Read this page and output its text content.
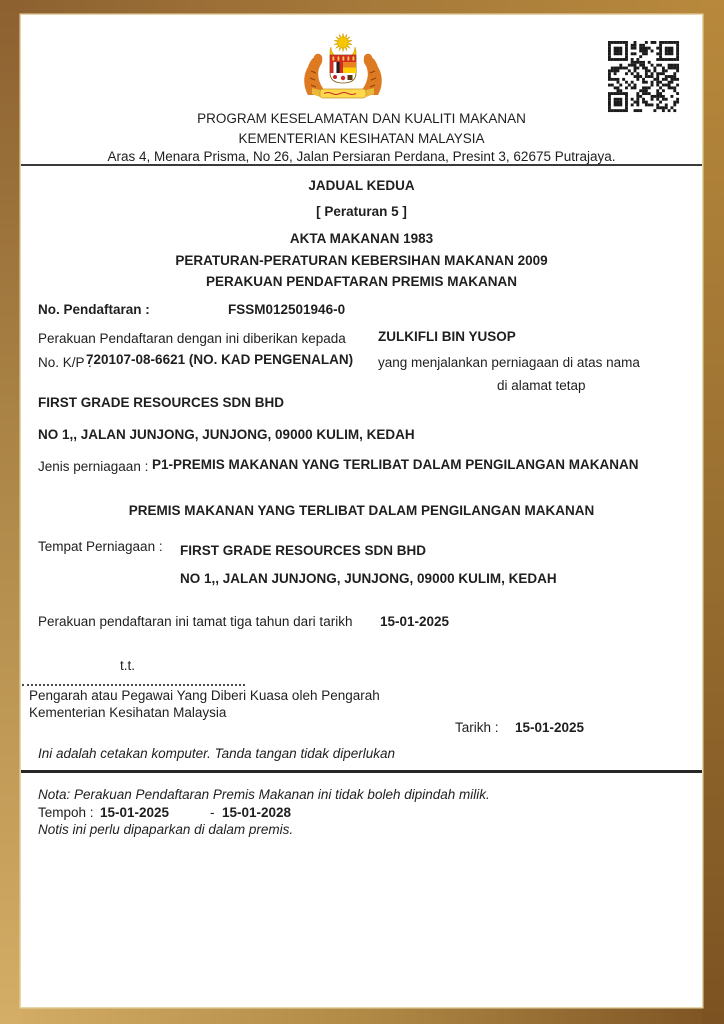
PROGRAM KESELAMATAN DAN KUALITI MAKANAN
KEMENTERIAN KESIHATAN MALAYSIA
Aras 4, Menara Prisma, No 26, Jalan Persiaran Perdana, Presint 3, 62675 Putrajaya.
JADUAL KEDUA
[ Peraturan 5 ]
AKTA MAKANAN 1983
PERATURAN-PERATURAN KEBERSIHAN MAKANAN 2009
PERAKUAN PENDAFTARAN PREMIS MAKANAN
No. Pendaftaran :	FSSM012501946-0
Perakuan Pendaftaran dengan ini diberikan kepada ZULKIFLI BIN YUSOP
No. K/P :
720107-08-6621 (NO. KAD PENGENALAN) yang menjalankan perniagaan di atas nama
di alamat tetap
FIRST GRADE RESOURCES SDN BHD
NO 1,, JALAN JUNJONG, JUNJONG, 09000 KULIM, KEDAH
Jenis perniagaan : P1-PREMIS MAKANAN YANG TERLIBAT DALAM PENGILANGAN MAKANAN
PREMIS MAKANAN YANG TERLIBAT DALAM PENGILANGAN MAKANAN
Tempat Perniagaan : FIRST GRADE RESOURCES SDN BHD
NO 1,, JALAN JUNJONG, JUNJONG, 09000 KULIM, KEDAH
Perakuan pendaftaran ini tamat tiga tahun dari tarikh 15-01-2025
t.t.
Pengarah atau Pegawai Yang Diberi Kuasa oleh Pengarah
Kementerian Kesihatan Malaysia
Tarikh : 15-01-2025
Ini adalah cetakan komputer. Tanda tangan tidak diperlukan
Nota: Perakuan Pendaftaran Premis Makanan ini tidak boleh dipindah milik.
Tempoh : 15-01-2025	- 15-01-2028
Notis ini perlu dipaparkan di dalam premis.
